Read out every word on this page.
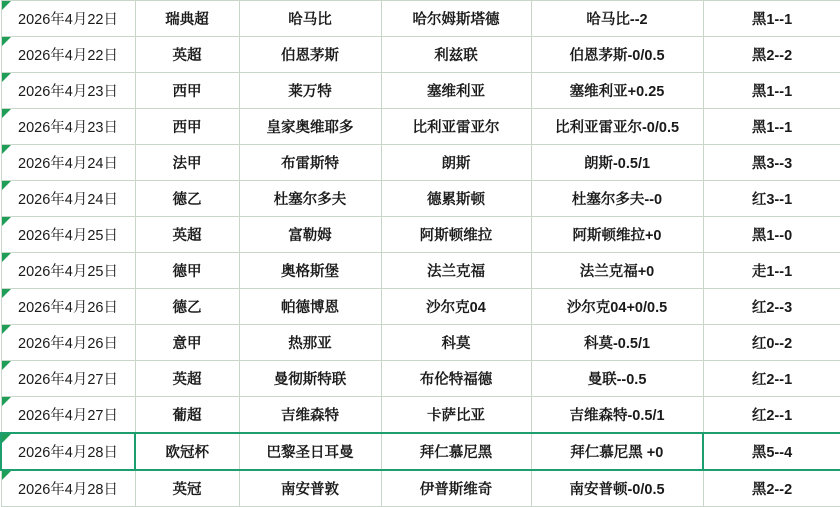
2026年4月22日	瑞典超	哈马比	哈尔姆斯塔德	哈马比--2	黑1--1

2026年4月22日	英超	伯恩茅斯	利兹联	伯恩茅斯-0/0.5	黑2--2

2026年4月23日	西甲	莱万特	塞维利亚	塞维利亚+0.25	黑1--1

2026年4月23日	西甲	皇家奥维耶多	比利亚雷亚尔	比利亚雷亚尔-0/0.5	黑1--1

2026年4月24日	法甲	布雷斯特	朗斯	朗斯-0.5/1	黑3--3

2026年4月24日	德乙	杜塞尔多夫	德累斯顿	杜塞尔多夫--0	红3--1

2026年4月25日	英超	富勒姆	阿斯顿维拉	阿斯顿维拉+0	黑1--0

2026年4月25日	德甲	奥格斯堡	法兰克福	法兰克福+0	走1--1

2026年4月26日	德乙	帕德博恩	沙尔克04	沙尔克04+0/0.5	红2--3

2026年4月26日	意甲	热那亚	科莫	科莫-0.5/1	红0--2

2026年4月27日	英超	曼彻斯特联	布伦特福德	曼联--0.5	红2--1

2026年4月27日	葡超	吉维森特	卡萨比亚	吉维森特-0.5/1	红2--1

2026年4月28日	欧冠杯	巴黎圣日耳曼	拜仁慕尼黑	拜仁慕尼黑 +0	黑5--4

2026年4月28日	英冠	南安普敦	伊普斯维奇	南安普顿-0/0.5	黑2--2
